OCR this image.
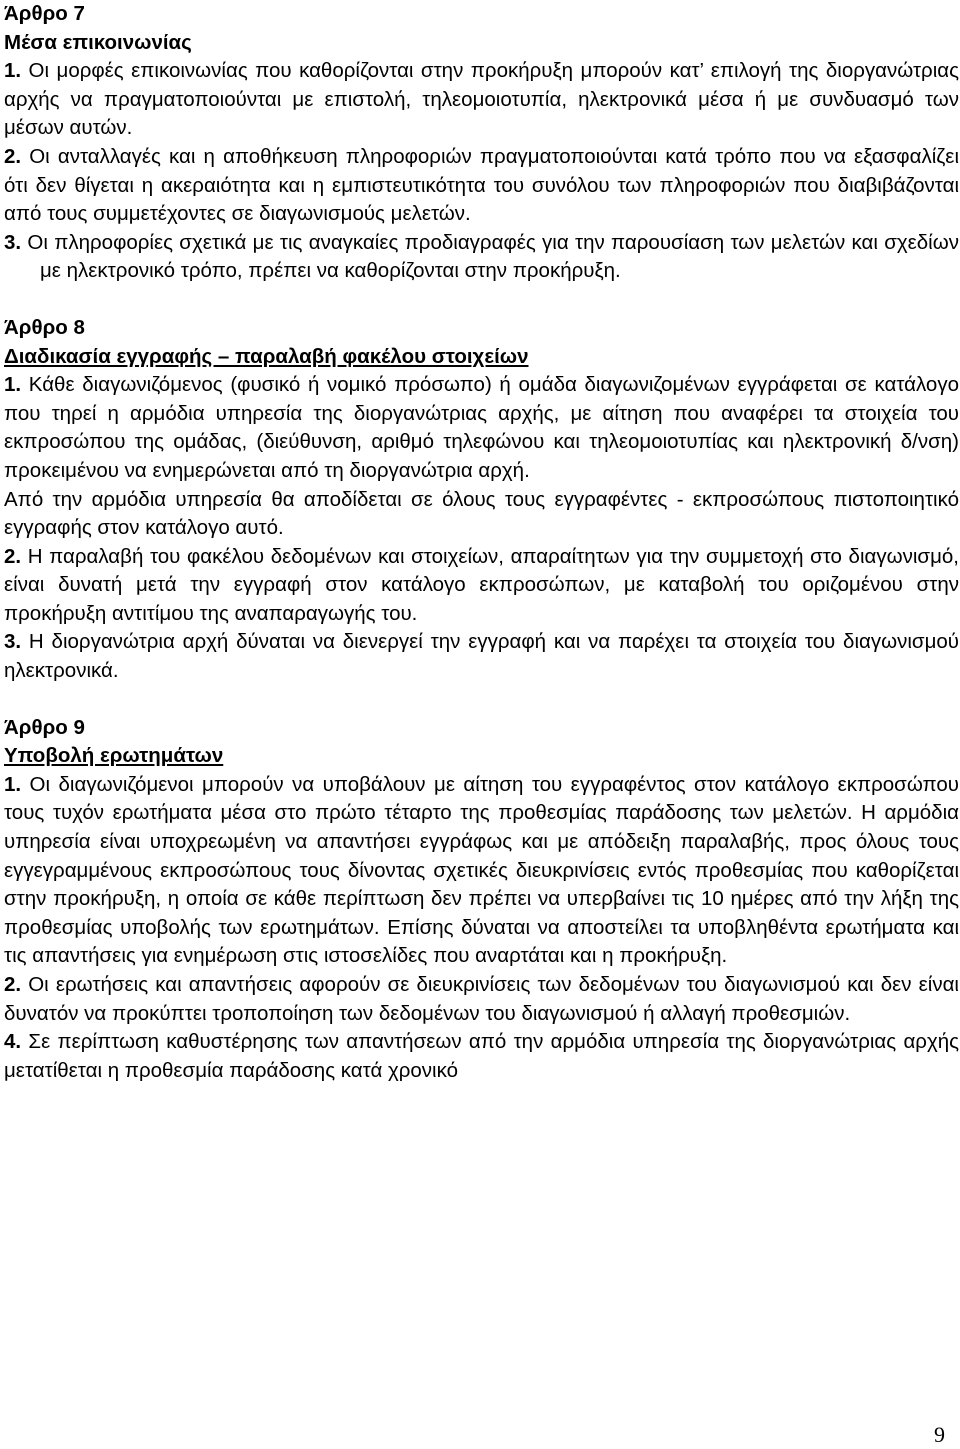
Άρθρο 7

Μέσα επικοινωνίας

1. Οι μορφές επικοινωνίας που καθορίζονται στην προκήρυξη μπορούν κατ’ επιλογή της διοργανώτριας αρχής να πραγματοποιούνται με επιστολή, τηλεομοιοτυπία, ηλεκτρονικά μέσα ή με συνδυασμό των μέσων αυτών.

2. Οι ανταλλαγές και η αποθήκευση πληροφοριών πραγματοποιούνται κατά τρόπο που να εξασφαλίζει ότι δεν θίγεται η ακεραιότητα και η εμπιστευτικότητα του συνόλου των πληροφοριών που διαβιβάζονται από τους συμμετέχοντες σε διαγωνισμούς μελετών.

3. Οι πληροφορίες σχετικά με τις αναγκαίες προδιαγραφές για την παρουσίαση των μελετών και σχεδίων με ηλεκτρονικό τρόπο, πρέπει να καθορίζονται στην προκήρυξη.

Άρθρο 8

Διαδικασία εγγραφής – παραλαβή φακέλου στοιχείων

1. Κάθε διαγωνιζόμενος (φυσικό ή νομικό πρόσωπο) ή ομάδα διαγωνιζομένων εγγράφεται σε κατάλογο που τηρεί η αρμόδια υπηρεσία της διοργανώτριας αρχής, με αίτηση που αναφέρει τα στοιχεία του εκπροσώπου της ομάδας, (διεύθυνση, αριθμό τηλεφώνου και τηλεομοιοτυπίας και ηλεκτρονική δ/νση) προκειμένου να ενημερώνεται από τη διοργανώτρια αρχή.

Από την αρμόδια υπηρεσία θα αποδίδεται σε όλους τους εγγραφέντες - εκπροσώπους πιστοποιητικό εγγραφής στον κατάλογο αυτό.

2. Η παραλαβή του φακέλου δεδομένων και στοιχείων, απαραίτητων για την συμμετοχή στο διαγωνισμό, είναι δυνατή μετά την εγγραφή στον κατάλογο εκπροσώπων, με καταβολή του οριζομένου στην προκήρυξη αντιτίμου της αναπαραγωγής του.

3. Η διοργανώτρια αρχή δύναται να διενεργεί την εγγραφή και να παρέχει τα στοιχεία του διαγωνισμού ηλεκτρονικά.

Άρθρο 9

Υποβολή ερωτημάτων

1. Οι διαγωνιζόμενοι μπορούν να υποβάλουν με αίτηση του εγγραφέντος στον κατάλογο εκπροσώπου τους τυχόν ερωτήματα μέσα στο πρώτο τέταρτο της προθεσμίας παράδοσης των μελετών. Η αρμόδια υπηρεσία είναι υποχρεωμένη να απαντήσει εγγράφως και με απόδειξη παραλαβής, προς όλους τους εγγεγραμμένους εκπροσώπους τους δίνοντας σχετικές διευκρινίσεις εντός προθεσμίας που καθορίζεται στην προκήρυξη, η οποία σε κάθε περίπτωση δεν πρέπει να υπερβαίνει τις 10 ημέρες από την λήξη της προθεσμίας υποβολής των ερωτημάτων. Επίσης δύναται να αποστείλει τα υποβληθέντα ερωτήματα και τις απαντήσεις για ενημέρωση στις ιστοσελίδες που αναρτάται και η προκήρυξη.

2. Οι ερωτήσεις και απαντήσεις αφορούν σε διευκρινίσεις των δεδομένων του διαγωνισμού και δεν είναι δυνατόν να προκύπτει τροποποίηση των δεδομένων του διαγωνισμού ή αλλαγή προθεσμιών.

4. Σε περίπτωση καθυστέρησης των απαντήσεων από την αρμόδια υπηρεσία της διοργανώτριας αρχής μετατίθεται η προθεσμία παράδοσης κατά χρονικό

9
